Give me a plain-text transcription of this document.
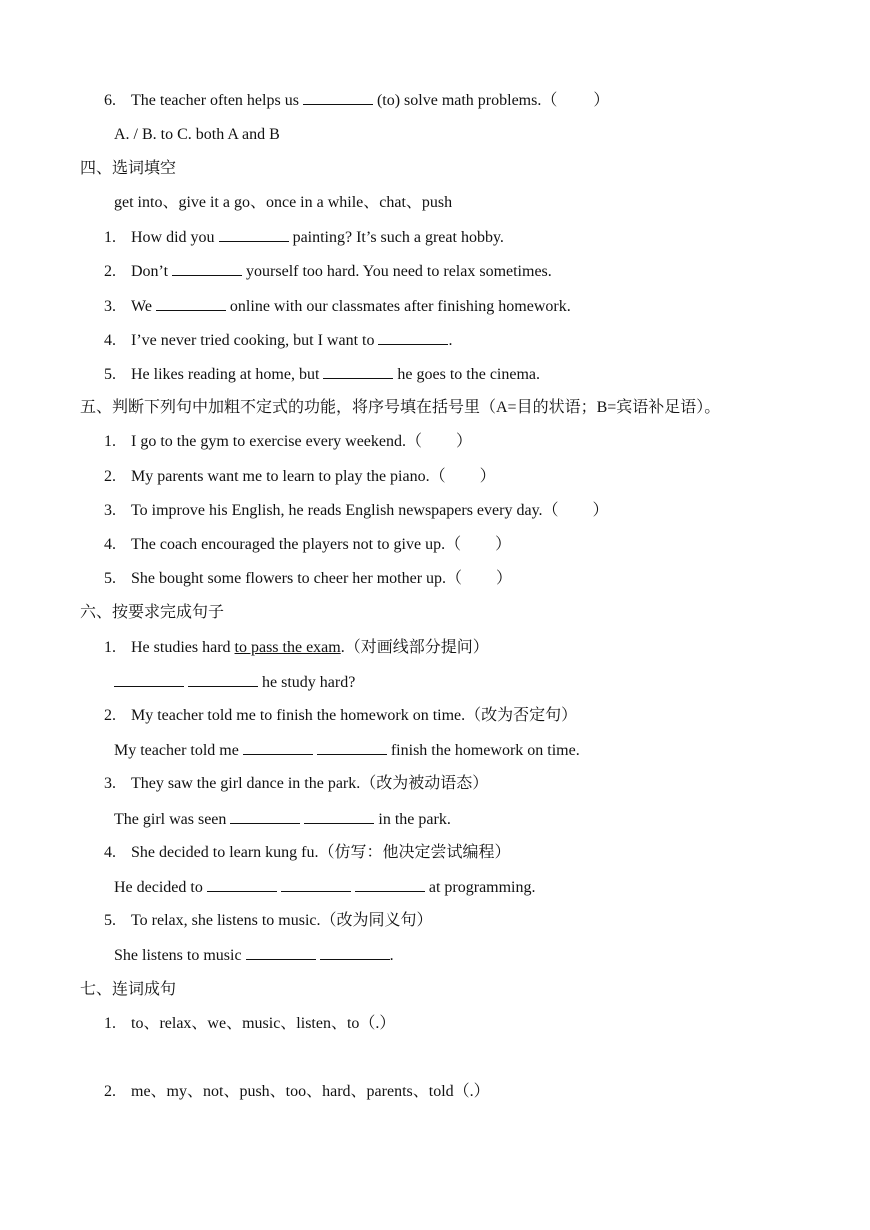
6. The teacher often helps us	(to) solve math problems.（ ）
A. / B. to C. both A and B
四、选词填空
get into、give it a go、once in a while、chat、push
1. How did you	painting? It’s such a great hobby.
2. Don’t	yourself too hard. You need to relax sometimes.
3. We	online with our classmates after finishing homework.
4. I’ve never tried cooking, but I want to	.
5. He likes reading at home, but	he goes to the cinema.
五、判断下列句中加粗不定式的功能，将序号填在括号里（A=目的状语；B=宾语补足语）。
1. I go to the gym to exercise every weekend.（ ）
2. My parents want me to learn to play the piano.（ ）
3. To improve his English, he reads English newspapers every day.（ ）
4. The coach encouraged the players not to give up.（ ）
5. She bought some flowers to cheer her mother up.（ ）
六、按要求完成句子
1. He studies hard to pass the exam.（对画线部分提问）
he study hard?
2. My teacher told me to finish the homework on time.（改为否定句）
My teacher told me	finish the homework on time.
3. They saw the girl dance in the park.（改为被动语态）
The girl was seen	in the park.
4. She decided to learn kung fu.（仿写：他决定尝试编程）
He decided to	at programming.
5. To relax, she listens to music.（改为同义句）
She listens to music	.
七、连词成句
1. to、relax、we、music、listen、to（.）
2. me、my、not、push、too、hard、parents、told（.）
